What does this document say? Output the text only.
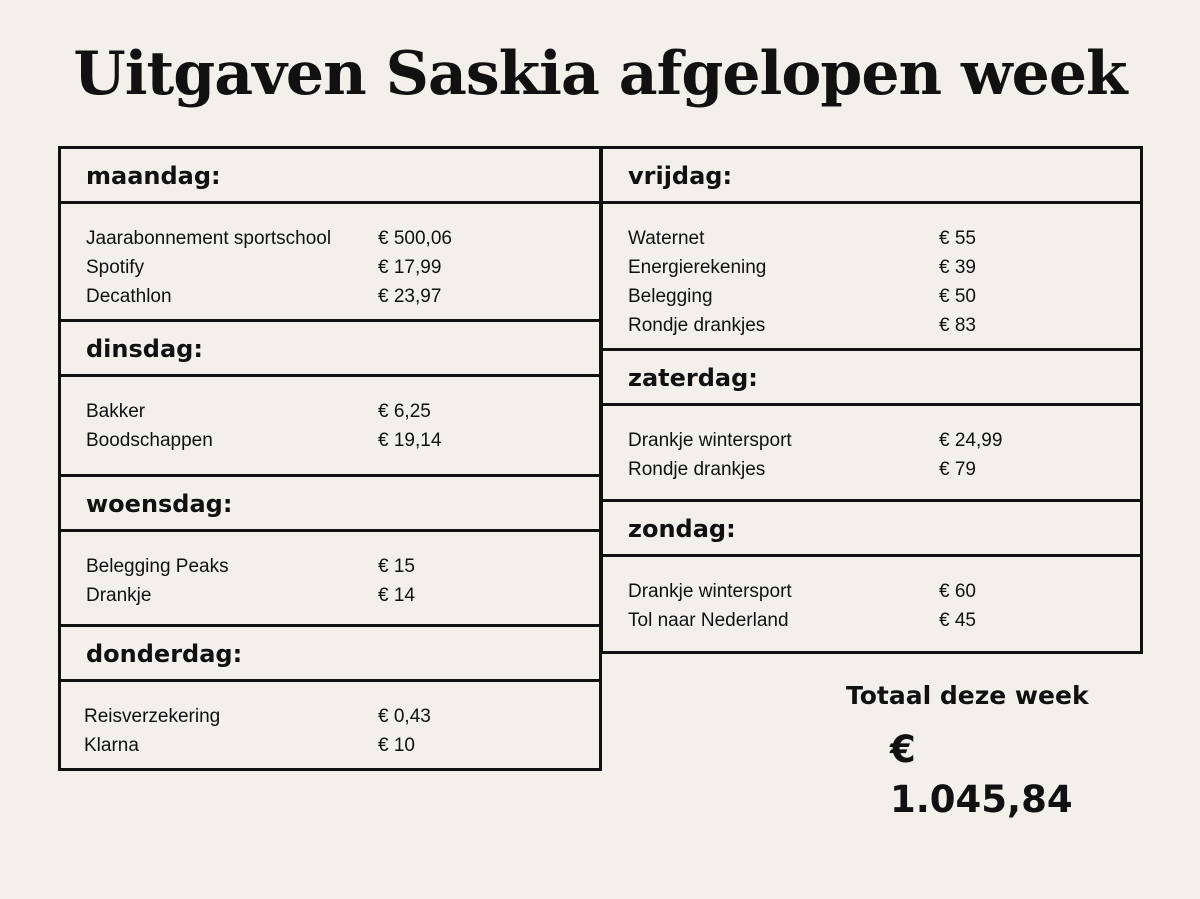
Uitgaven Saskia afgelopen week
maandag:
Jaarabonnement sportschool € 500,06
Spotify	€ 17,99
Decathlon	€ 23,97
dinsdag:
Bakker	€ 6,25
Boodschappen	€ 19,14
woensdag:
Belegging Peaks	€ 15
Drankje	€ 14
donderdag:
Reisverzekering	€ 0,43
Klarna	€ 10
vrijdag:
Waternet	€ 55
Energierekening	€ 39
Belegging	€ 50
Rondje drankjes	€ 83
zaterdag:
Drankje wintersport	€ 24,99
Rondje drankjes	€ 79
zondag:
Drankje wintersport	€ 60
Tol naar Nederland	€ 45
Totaal deze week
€ 1.045,84
